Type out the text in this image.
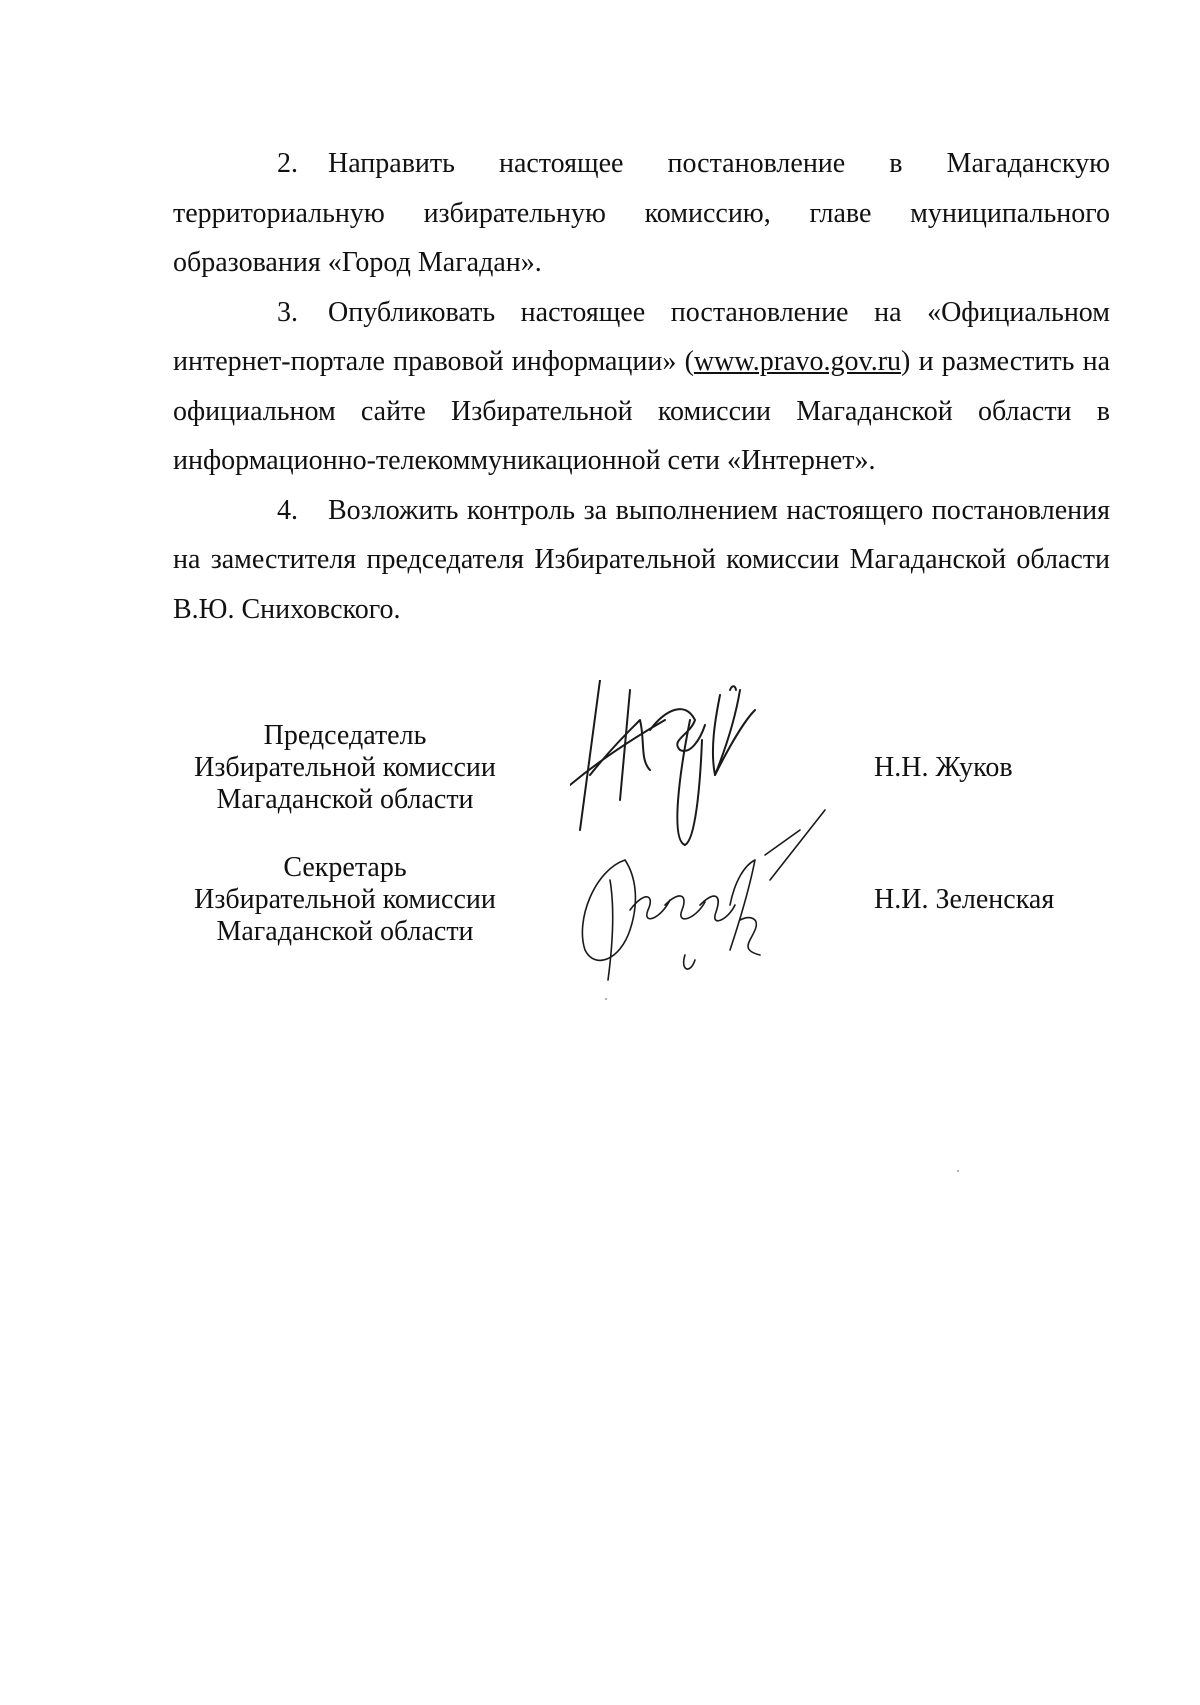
2. Направить настоящее постановление в Магаданскую территориальную избирательную комиссию, главе муниципального образования «Город Магадан».

3. Опубликовать настоящее постановление на «Официальном интернет-портале правовой информации» (www.pravo.gov.ru) и разместить на официальном сайте Избирательной комиссии Магаданской области в информационно-телекоммуникационной сети «Интернет».

4. Возложить контроль за выполнением настоящего постановления на заместителя председателя Избирательной комиссии Магаданской области В.Ю. Сниховского.

Председатель
Избирательной комиссии
Магаданской области
Н.Н. Жуков
Секретарь
Избирательной комиссии
Магаданской области
Н.И. Зеленская
